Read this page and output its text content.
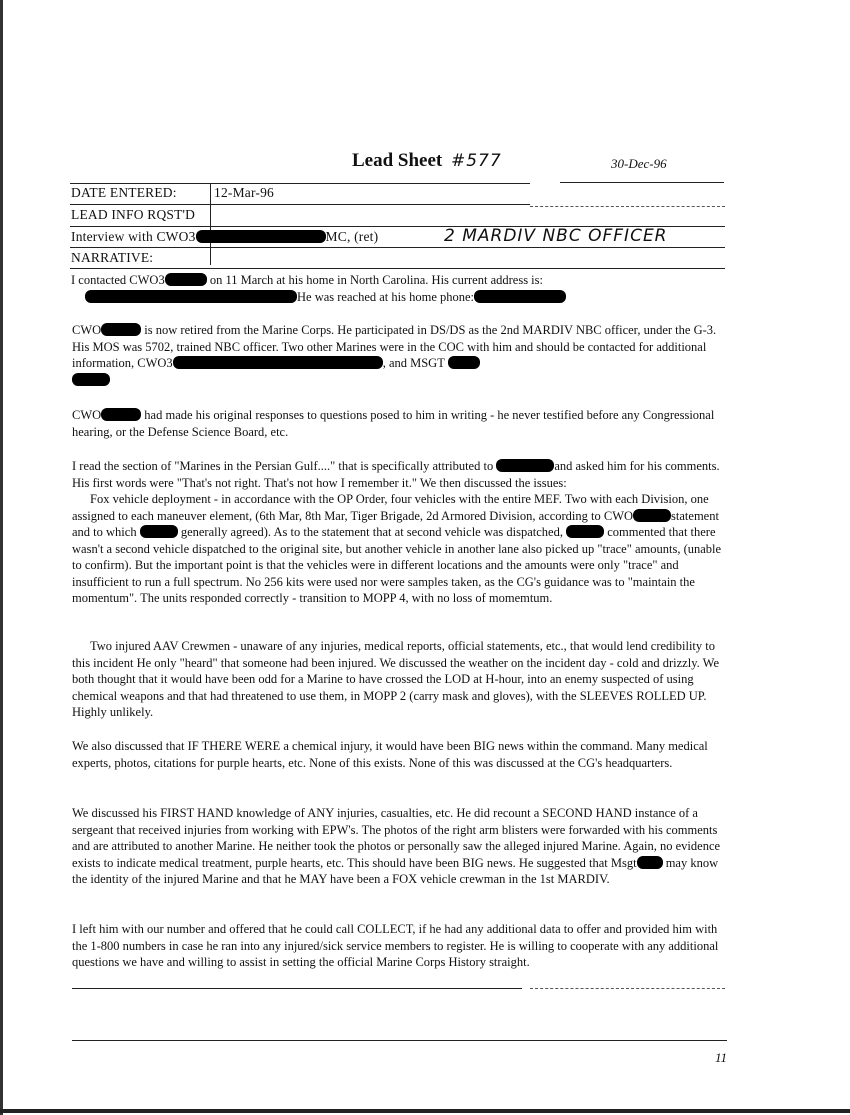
Lead Sheet #577	30-Dec-96
DATE ENTERED:	12-Mar-96
LEAD INFO RQST'D
Interview with CWO3	MC, (ret)	2 MARDIV NBC OFFICER
NARRATIVE:
I contacted CWO3	on 11 March at his home in North Carolina. His current address is:
He was reached at his home phone:

CWO	is now retired from the Marine Corps. He participated in DS/DS as the 2nd MARDIV NBC officer, under the G-3. His MOS was 5702, trained NBC officer. Two other Marines were in the COC with him and should be contacted for additional information, CWO3	, and MSGT

CWO	had made his original responses to questions posed to him in writing - he never testified before any Congressional hearing, or the Defense Science Board, etc.

I read the section of "Marines in the Persian Gulf...." that is specifically attributed to	and asked him for his comments. His first words were "That's not right. That's not how I remember it." We then discussed the issues:

Fox vehicle deployment - in accordance with the OP Order, four vehicles with the entire MEF. Two with each Division, one assigned to each maneuver element, (6th Mar, 8th Mar, Tiger Brigade, 2d Armored Division, according to CWO	statement and to which	generally agreed). As to the statement that at second vehicle was dispatched,	commented that there wasn't a second vehicle dispatched to the original site, but another vehicle in another lane also picked up "trace" amounts, (unable to confirm). But the important point is that the vehicles were in different locations and the amounts were only "trace" and insufficient to run a full spectrum. No 256 kits were used nor were samples taken, as the CG's guidance was to "maintain the momentum". The units responded correctly - transition to MOPP 4, with no loss of momemtum.

Two injured AAV Crewmen - unaware of any injuries, medical reports, official statements, etc., that would lend credibility to this incident He only "heard" that someone had been injured. We discussed the weather on the incident day - cold and drizzly. We both thought that it would have been odd for a Marine to have crossed the LOD at H-hour, into an enemy suspected of using chemical weapons and that had threatened to use them, in MOPP 2 (carry mask and gloves), with the SLEEVES ROLLED UP. Highly unlikely.

We also discussed that IF THERE WERE a chemical injury, it would have been BIG news within the command. Many medical experts, photos, citations for purple hearts, etc. None of this exists. None of this was discussed at the CG's headquarters.

We discussed his FIRST HAND knowledge of ANY injuries, casualties, etc. He did recount a SECOND HAND instance of a sergeant that received injuries from working with EPW's. The photos of the right arm blisters were forwarded with his comments and are attributed to another Marine. He neither took the photos or personally saw the alleged injured Marine. Again, no evidence exists to indicate medical treatment, purple hearts, etc. This should have been BIG news. He suggested that Msgt may know the identity of the injured Marine and that he MAY have been a FOX vehicle crewman in the 1st MARDIV.

I left him with our number and offered that he could call COLLECT, if he had any additional data to offer and provided him with the 1-800 numbers in case he ran into any injured/sick service members to register. He is willing to cooperate with any additional questions we have and willing to assist in setting the official Marine Corps History straight.

11
